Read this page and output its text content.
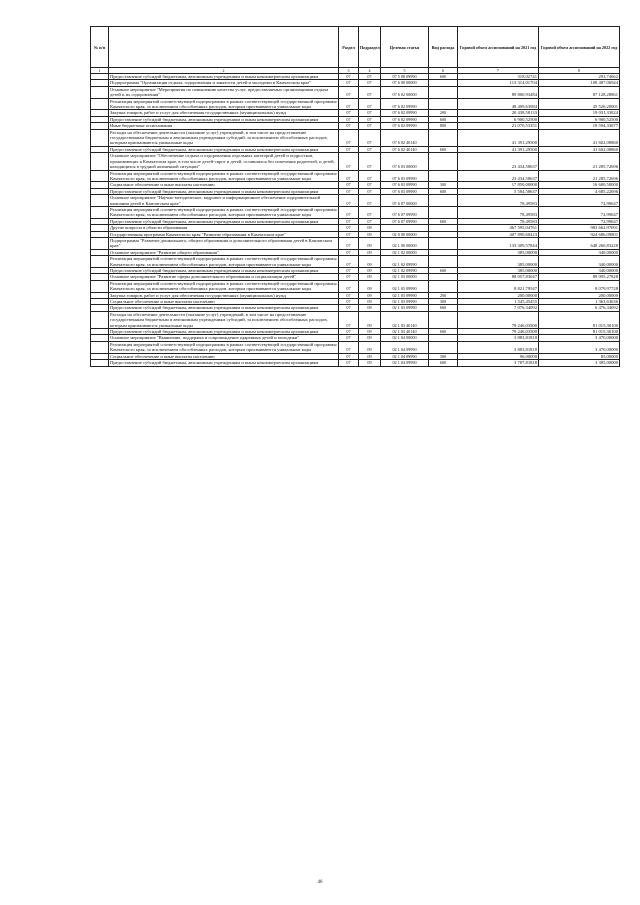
№ п/п		Раздел	Подраздел	Целевая статья	Вид расхода	Годовой объем ассигнований на 2021 год	Годовой объем ассигнований на 2022 год
1	2	3	4	5	6	7	8
	Предоставление субсидий бюджетным, автономным учреждениям и иным некоммерческим организациям	07	07	07 5 08 09990	600	318,02741	293,74662
	Подпрограмма "Организация отдыха, оздоровления и занятости детей и молодежи в Камчатском крае"	07	07	07 6 00 00000		113 314,01704	108 487,06944
	Основное мероприятие "Мероприятия по повышению качества услуг, предоставляемых организациями отдыха детей и их оздоровления"	07	07	07 6 02 00000		89 800,93484	87 128,28861
	Реализация мероприятий соответствующей подпрограммы в рамках соответствующей государственной программы Камчатского края, за исключением обособленных расходов, которым присваиваются уникальные коды	07	07	07 6 02 09990		48 409,63984	45 526,20001
	Закупка товаров, работ и услуг для обеспечения государственных (муниципальных) нужд	07	07	07 6 02 09990	200	20 438,58133	19 031,33824
	Предоставление субсидий бюджетным, автономным учреждениям и иным некоммерческим организациям	07	07	07 6 02 09990	600	6 900,52500	6 900,52500
	Иные бюджетные ассигнования	07	07	07 6 02 09990	800	21 070,53351	19 594,33677
	Расходы на обеспечение деятельности (оказание услуг) учреждений, в том числе на предоставление государственным бюджетным и автономным учреждениям субсидий, за исключением обособленных расходов, которым присваиваются уникальные коды	07	07	07 6 02 40140		41 391,29500	41 602,08860
	Предоставление субсидий бюджетным, автономным учреждениям и иным некоммерческим организациям	07	07	07 6 02 40140	600	41 391,29500	41 602,08860
	Основное мероприятие "Обеспечение отдыха и оздоровления отдельных категорий детей и подростков, проживающих в Камчатском крае, в том числе детей-сирот и детей, оставшихся без попечения родителей, и детей, находящихся в трудной жизненной ситуации"	07	07	07 6 03 00000		23 434,58637	21 285,72696
	Реализация мероприятий соответствующей подпрограммы в рамках соответствующей государственной программы Камчатского края, за исключением обособленных расходов, которым присваиваются уникальные коды	07	07	07 6 03 09990		23 434,58637	21 285,72696
	Социальное обеспечение и иные выплаты населению	07	07	07 6 03 09990	300	17 850,00000	16 600,50000
	Предоставление субсидий бюджетным, автономным учреждениям и иным некоммерческим организациям	07	07	07 6 03 09990	600	5 584,58637	4 685,22696
	Основное мероприятие "Научно-методическое, кадровое и информационное обеспечение оздоровительной кампании детей в Камчатском крае"	07	07	07 6 07 00000		78,49583	72,99647
	Реализация мероприятий соответствующей подпрограммы в рамках соответствующей государственной программы Камчатского края, за исключением обособленных расходов, которым присваиваются уникальные коды	07	07	07 6 07 09990		78,49583	72,99647
	Предоставление субсидий бюджетным, автономным учреждениям и иным некоммерческим организациям	07	07	07 6 07 09990	600	78,49583	72,99647
	Другие вопросы в области образования	07	09			467 595,04761	983 662,97091
	Государственная программа Камчатского края "Развитие образования в Камчатском крае"	07	09	02 0 00 00000		407 890,60423	924 686,09801
	Подпрограмма "Развитие дошкольного, общего образования и дополнительного образования детей в Камчатском крае"	07	09	02 1 00 00000		133 309,57844	648 260,83228
	Основное мероприятие "Развитие общего образования"	07	09	02 1 02 00000		385,00000	340,00000
	Реализация мероприятий соответствующей подпрограммы в рамках соответствующей государственной программы Камчатского края, за исключением обособленных расходов, которым присваиваются уникальные коды	07	09	02 1 02 09990		385,00000	340,00000
	Предоставление субсидий бюджетным, автономным учреждениям и иным некоммерческим организациям	07	09	02 1 02 09990	600	385,00000	340,00000
	Основное мероприятие "Развитие сферы дополнительного образования и социализации детей"	07	09	02 1 03 00000		88 057,83047	89 095,27828
	Реализация мероприятий соответствующей подпрограммы в рамках соответствующей государственной программы Камчатского края, за исключением обособленных расходов, которым присваиваются уникальные коды	07	09	02 1 03 09990		8 821,79547	8 079,97728
	Закупка товаров, работ и услуг для обеспечения государственных (муниципальных) нужд	07	09	02 1 03 09990	200	200,00000	200,00000
	Социальное обеспечение и иные выплаты населению	07	09	02 1 03 09990	300	1 545,45455	1 363,63636
	Предоставление субсидий бюджетным, автономным учреждениям и иным некоммерческим организациям	07	09	02 1 03 09990	600	7 076,34092	6 476,34092
	Расходы на обеспечение деятельности (оказание услуг) учреждений, в том числе на предоставление государственным бюджетным и автономным учреждениям субсидий, за исключением обособленных расходов, которым присваиваются уникальные коды	07	09	02 1 03 40140		79 246,03500	81 015,30100
	Предоставление субсидий бюджетным, автономным учреждениям и иным некоммерческим организациям	07	09	02 1 03 40140	600	79 246,03500	81 015,30100
	Основное мероприятие "Выявление, поддержка и сопровождение одаренных детей и молодежи"	07	09	02 1 04 00000		3 883,81818	3 470,00000
	Реализация мероприятий соответствующей подпрограммы в рамках соответствующей государственной программы Камчатского края, за исключением обособленных расходов, которым присваиваются уникальные коды	07	09	02 1 04 09990		3 883,81818	3 470,00000
	Социальное обеспечение и иные выплаты населению	07	09	02 1 04 09990	300	96,00000	85,00000
	Предоставление субсидий бюджетным, автономным учреждениям и иным некоммерческим организациям	07	09	02 1 04 09990	600	3 787,81818	3 385,00000
46
